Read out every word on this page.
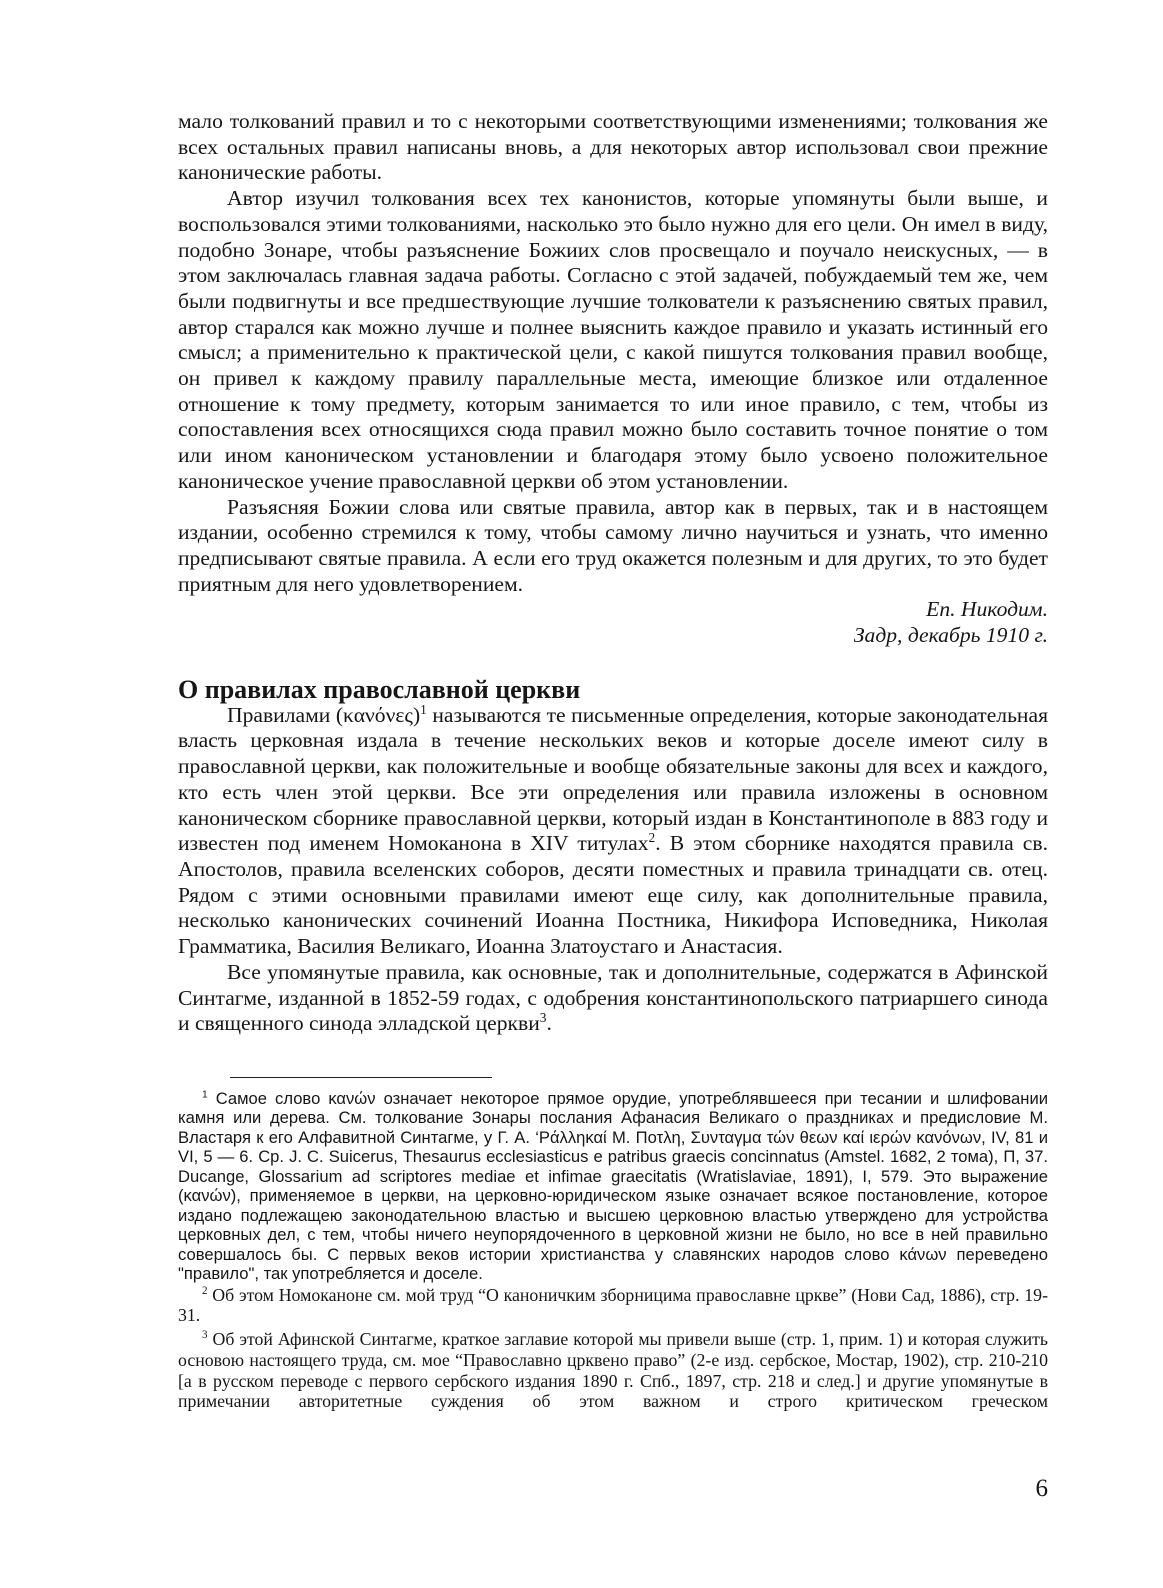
мало толкований правил и то с некоторыми соответствующими изменениями; толкования же всех остальных правил написаны вновь, а для некоторых автор использовал свои прежние канонические работы.

Автор изучил толкования всех тех канонистов, которые упомянуты были выше, и воспользовался этими толкованиями, насколько это было нужно для его цели. Он имел в виду, подобно Зонаре, чтобы разъяснение Божиих слов просвещало и поучало неискусных, — в этом заключалась главная задача работы. Согласно с этой задачей, побуждаемый тем же, чем были подвигнуты и все предшествующие лучшие толкователи к разъяснению святых правил, автор старался как можно лучше и полнее выяснить каждое правило и указать истинный его смысл; а применительно к практической цели, с какой пишутся толкования правил вообще, он привел к каждому правилу параллельные места, имеющие близкое или отдаленное отношение к тому предмету, которым занимается то или иное правило, с тем, чтобы из сопоставления всех относящихся сюда правил можно было составить точное понятие о том или ином каноническом установлении и благодаря этому было усвоено положительное каноническое учение православной церкви об этом установлении.

Разъясняя Божии слова или святые правила, автор как в первых, так и в настоящем издании, особенно стремился к тому, чтобы самому лично научиться и узнать, что именно предписывают святые правила. А если его труд окажется полезным и для других, то это будет приятным для него удовлетворением.

Еп. Никодим.

Задр, декабрь 1910 г.

О правилах православной церкви

Правилами (κανόνες)$^1$ называются те письменные определения, которые законодательная власть церковная издала в течение нескольких веков и которые доселе имеют силу в православной церкви, как положительные и вообще обязательные законы для всех и каждого, кто есть член этой церкви. Все эти определения или правила изложены в основном каноническом сборнике православной церкви, который издан в Константинополе в 883 году и известен под именем Номоканона в XIV титулах$^2$. В этом сборнике находятся правила св. Апостолов, правила вселенских соборов, десяти поместных и правила тринадцати св. отец. Рядом с этими основными правилами имеют еще силу, как дополнительные правила, несколько канонических сочинений Иоанна Постника, Никифора Исповедника, Николая Грамматика, Василия Великаго, Иоанна Златоустаго и Анастасия.

Все упомянутые правила, как основные, так и дополнительные, содержатся в Афинской Синтагме, изданной в 1852-59 годах, с одобрения константинопольского патриаршего синода и священного синода элладской церкви$^3$.

$^1$ Самое слово κανών означает некоторое прямое орудие, употреблявшееся при тесании и шлифовании камня или дерева. См. толкование Зонары послания Афанасия Великаго о праздниках и предисловие М. Властаря к его Алфавитной Синтагме, у Г. А. ‘Ράλληκαί Μ. Ποτλη, Συνταγμα τών θεων καί ιερών κανόνων, IV, 81 и VI, 5 — 6. Ср. J. C. Suicerus, Thesaurus ecclesiasticus e patribus graecis concinnatus (Amstel. 1682, 2 тома), П, 37. Ducange, Glossarium ad scriptores mediae et infimae graecitatis (Wratislaviae, 1891), I, 579. Это выражение (κανών), применяемое в церкви, на церковно-юридическом языке означает всякое постановление, которое издано подлежащею законодательною властью и высшею церковною властью утверждено для устройства церковных дел, с тем, чтобы ничего неупорядоченного в церковной жизни не было, но все в ней правильно совершалось бы. С первых веков истории христианства у славянских народов слово κάνων переведено "правило", так употребляется и доселе.

$^2$ Об этом Номоканоне см. мой труд “О каноничким зборницима православне цркве” (Нови Сад, 1886), стр. 19-31.

$^3$ Об этой Афинской Синтагме, краткое заглавие которой мы привели выше (стр. 1, прим. 1) и которая служить основою настоящего труда, см. мое “Православно црквено право” (2-е изд. сербское, Мостар, 1902), стр. 210-210 [а в русском переводе с первого сербского издания 1890 г. Спб., 1897, стр. 218 и след.] и другие упомянутые в примечании авторитетные суждения об этом важном и строго критическом греческом

6
